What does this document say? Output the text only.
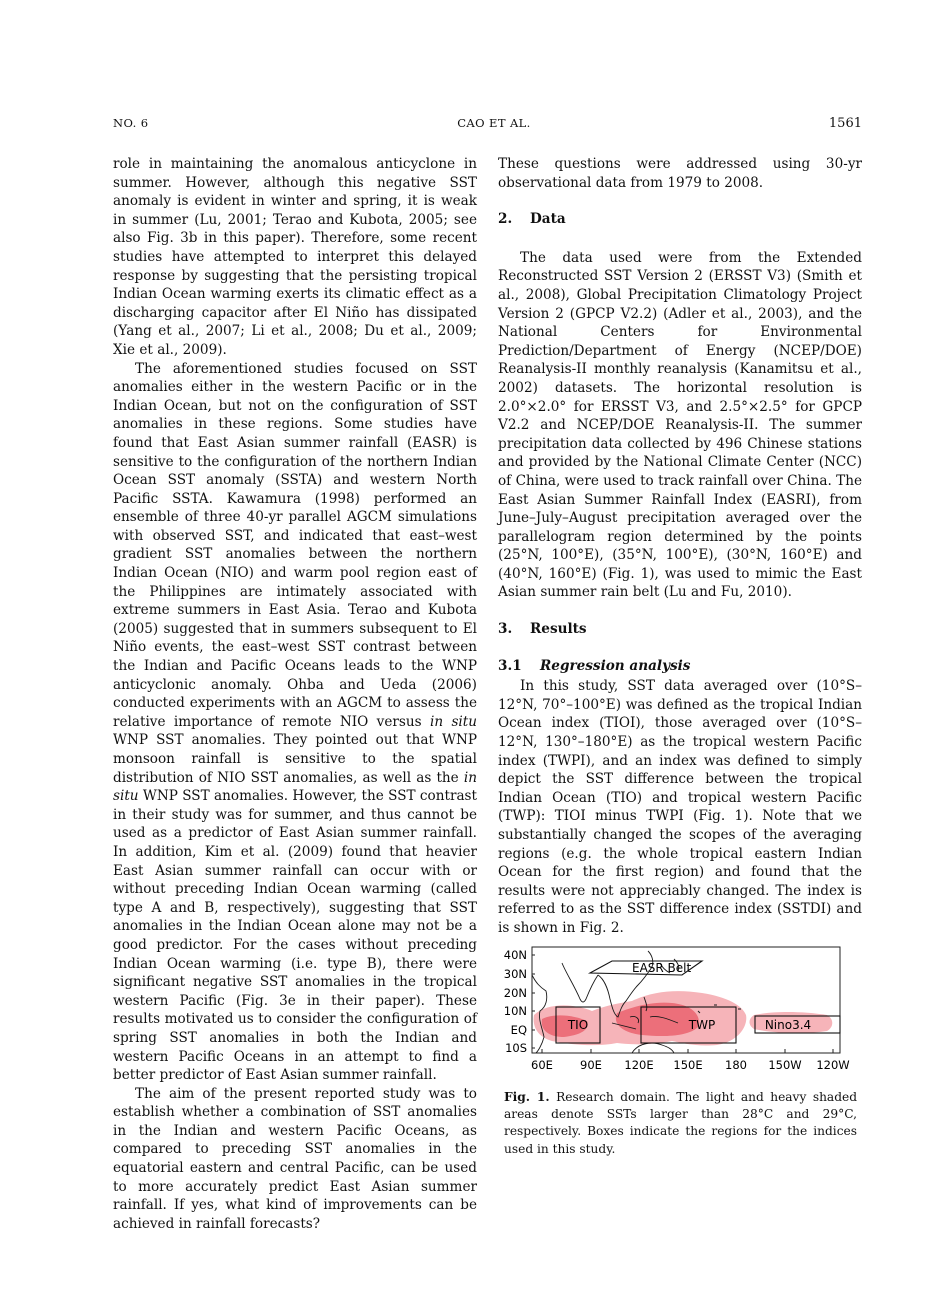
NO. 6	CAO ET AL.	1561

role in maintaining the anomalous anticyclone in summer. However, although this negative SST anomaly is evident in winter and spring, it is weak in summer (Lu, 2001; Terao and Kubota, 2005; see also Fig. 3b in this paper). Therefore, some recent studies have attempted to interpret this delayed response by suggesting that the persisting tropical Indian Ocean warming exerts its climatic effect as a discharging capacitor after El Niño has dissipated (Yang et al., 2007; Li et al., 2008; Du et al., 2009; Xie et al., 2009).

The aforementioned studies focused on SST anomalies either in the western Pacific or in the Indian Ocean, but not on the configuration of SST anomalies in these regions. Some studies have found that East Asian summer rainfall (EASR) is sensitive to the configuration of the northern Indian Ocean SST anomaly (SSTA) and western North Pacific SSTA. Kawamura (1998) performed an ensemble of three 40-yr parallel AGCM simulations with observed SST, and indicated that east–west gradient SST anomalies between the northern Indian Ocean (NIO) and warm pool region east of the Philippines are intimately associated with extreme summers in East Asia. Terao and Kubota (2005) suggested that in summers subsequent to El Niño events, the east–west SST contrast between the Indian and Pacific Oceans leads to the WNP anticyclonic anomaly. Ohba and Ueda (2006) conducted experiments with an AGCM to assess the relative importance of remote NIO versus in situ WNP SST anomalies. They pointed out that WNP monsoon rainfall is sensitive to the spatial distribution of NIO SST anomalies, as well as the in situ WNP SST anomalies. However, the SST contrast in their study was for summer, and thus cannot be used as a predictor of East Asian summer rainfall. In addition, Kim et al. (2009) found that heavier East Asian summer rainfall can occur with or without preceding Indian Ocean warming (called type A and B, respectively), suggesting that SST anomalies in the Indian Ocean alone may not be a good predictor. For the cases without preceding Indian Ocean warming (i.e. type B), there were significant negative SST anomalies in the tropical western Pacific (Fig. 3e in their paper). These results motivated us to consider the configuration of spring SST anomalies in both the Indian and western Pacific Oceans in an attempt to find a better predictor of East Asian summer rainfall.

The aim of the present reported study was to establish whether a combination of SST anomalies in the Indian and western Pacific Oceans, as compared to preceding SST anomalies in the equatorial eastern and central Pacific, can be used to more accurately predict East Asian summer rainfall. If yes, what kind of improvements can be achieved in rainfall forecasts?

These questions were addressed using 30-yr observational data from 1979 to 2008.

2. Data

The data used were from the Extended Reconstructed SST Version 2 (ERSST V3) (Smith et al., 2008), Global Precipitation Climatology Project Version 2 (GPCP V2.2) (Adler et al., 2003), and the National Centers for Environmental Prediction/Department of Energy (NCEP/DOE) Reanalysis-II monthly reanalysis (Kanamitsu et al., 2002) datasets. The horizontal resolution is 2.0°×2.0° for ERSST V3, and 2.5°×2.5° for GPCP V2.2 and NCEP/DOE Reanalysis-II. The summer precipitation data collected by 496 Chinese stations and provided by the National Climate Center (NCC) of China, were used to track rainfall over China. The East Asian Summer Rainfall Index (EASRI), from June–July–August precipitation averaged over the parallelogram region determined by the points (25°N, 100°E), (35°N, 100°E), (30°N, 160°E) and (40°N, 160°E) (Fig. 1), was used to mimic the East Asian summer rain belt (Lu and Fu, 2010).

3. Results

3.1 Regression analysis

In this study, SST data averaged over (10°S–12°N, 70°–100°E) was defined as the tropical Indian Ocean index (TIOI), those averaged over (10°S–12°N, 130°–180°E) as the tropical western Pacific index (TWPI), and an index was defined to simply depict the SST difference between the tropical Indian Ocean (TIO) and tropical western Pacific (TWP): TIOI minus TWPI (Fig. 1). Note that we substantially changed the scopes of the averaging regions (e.g. the whole tropical eastern Indian Ocean for the first region) and found that the results were not appreciably changed. The index is referred to as the SST difference index (SSTDI) and is shown in Fig. 2.

EASR Belt
TIO	TWP	Nino3.4
40N
30N
20N
10N
EQ
10S
60E 90E 120E 150E 180 150W 120W
Fig. 1. Research domain. The light and heavy shaded areas denote SSTs larger than 28°C and 29°C, respectively. Boxes indicate the regions for the indices used in this study.
